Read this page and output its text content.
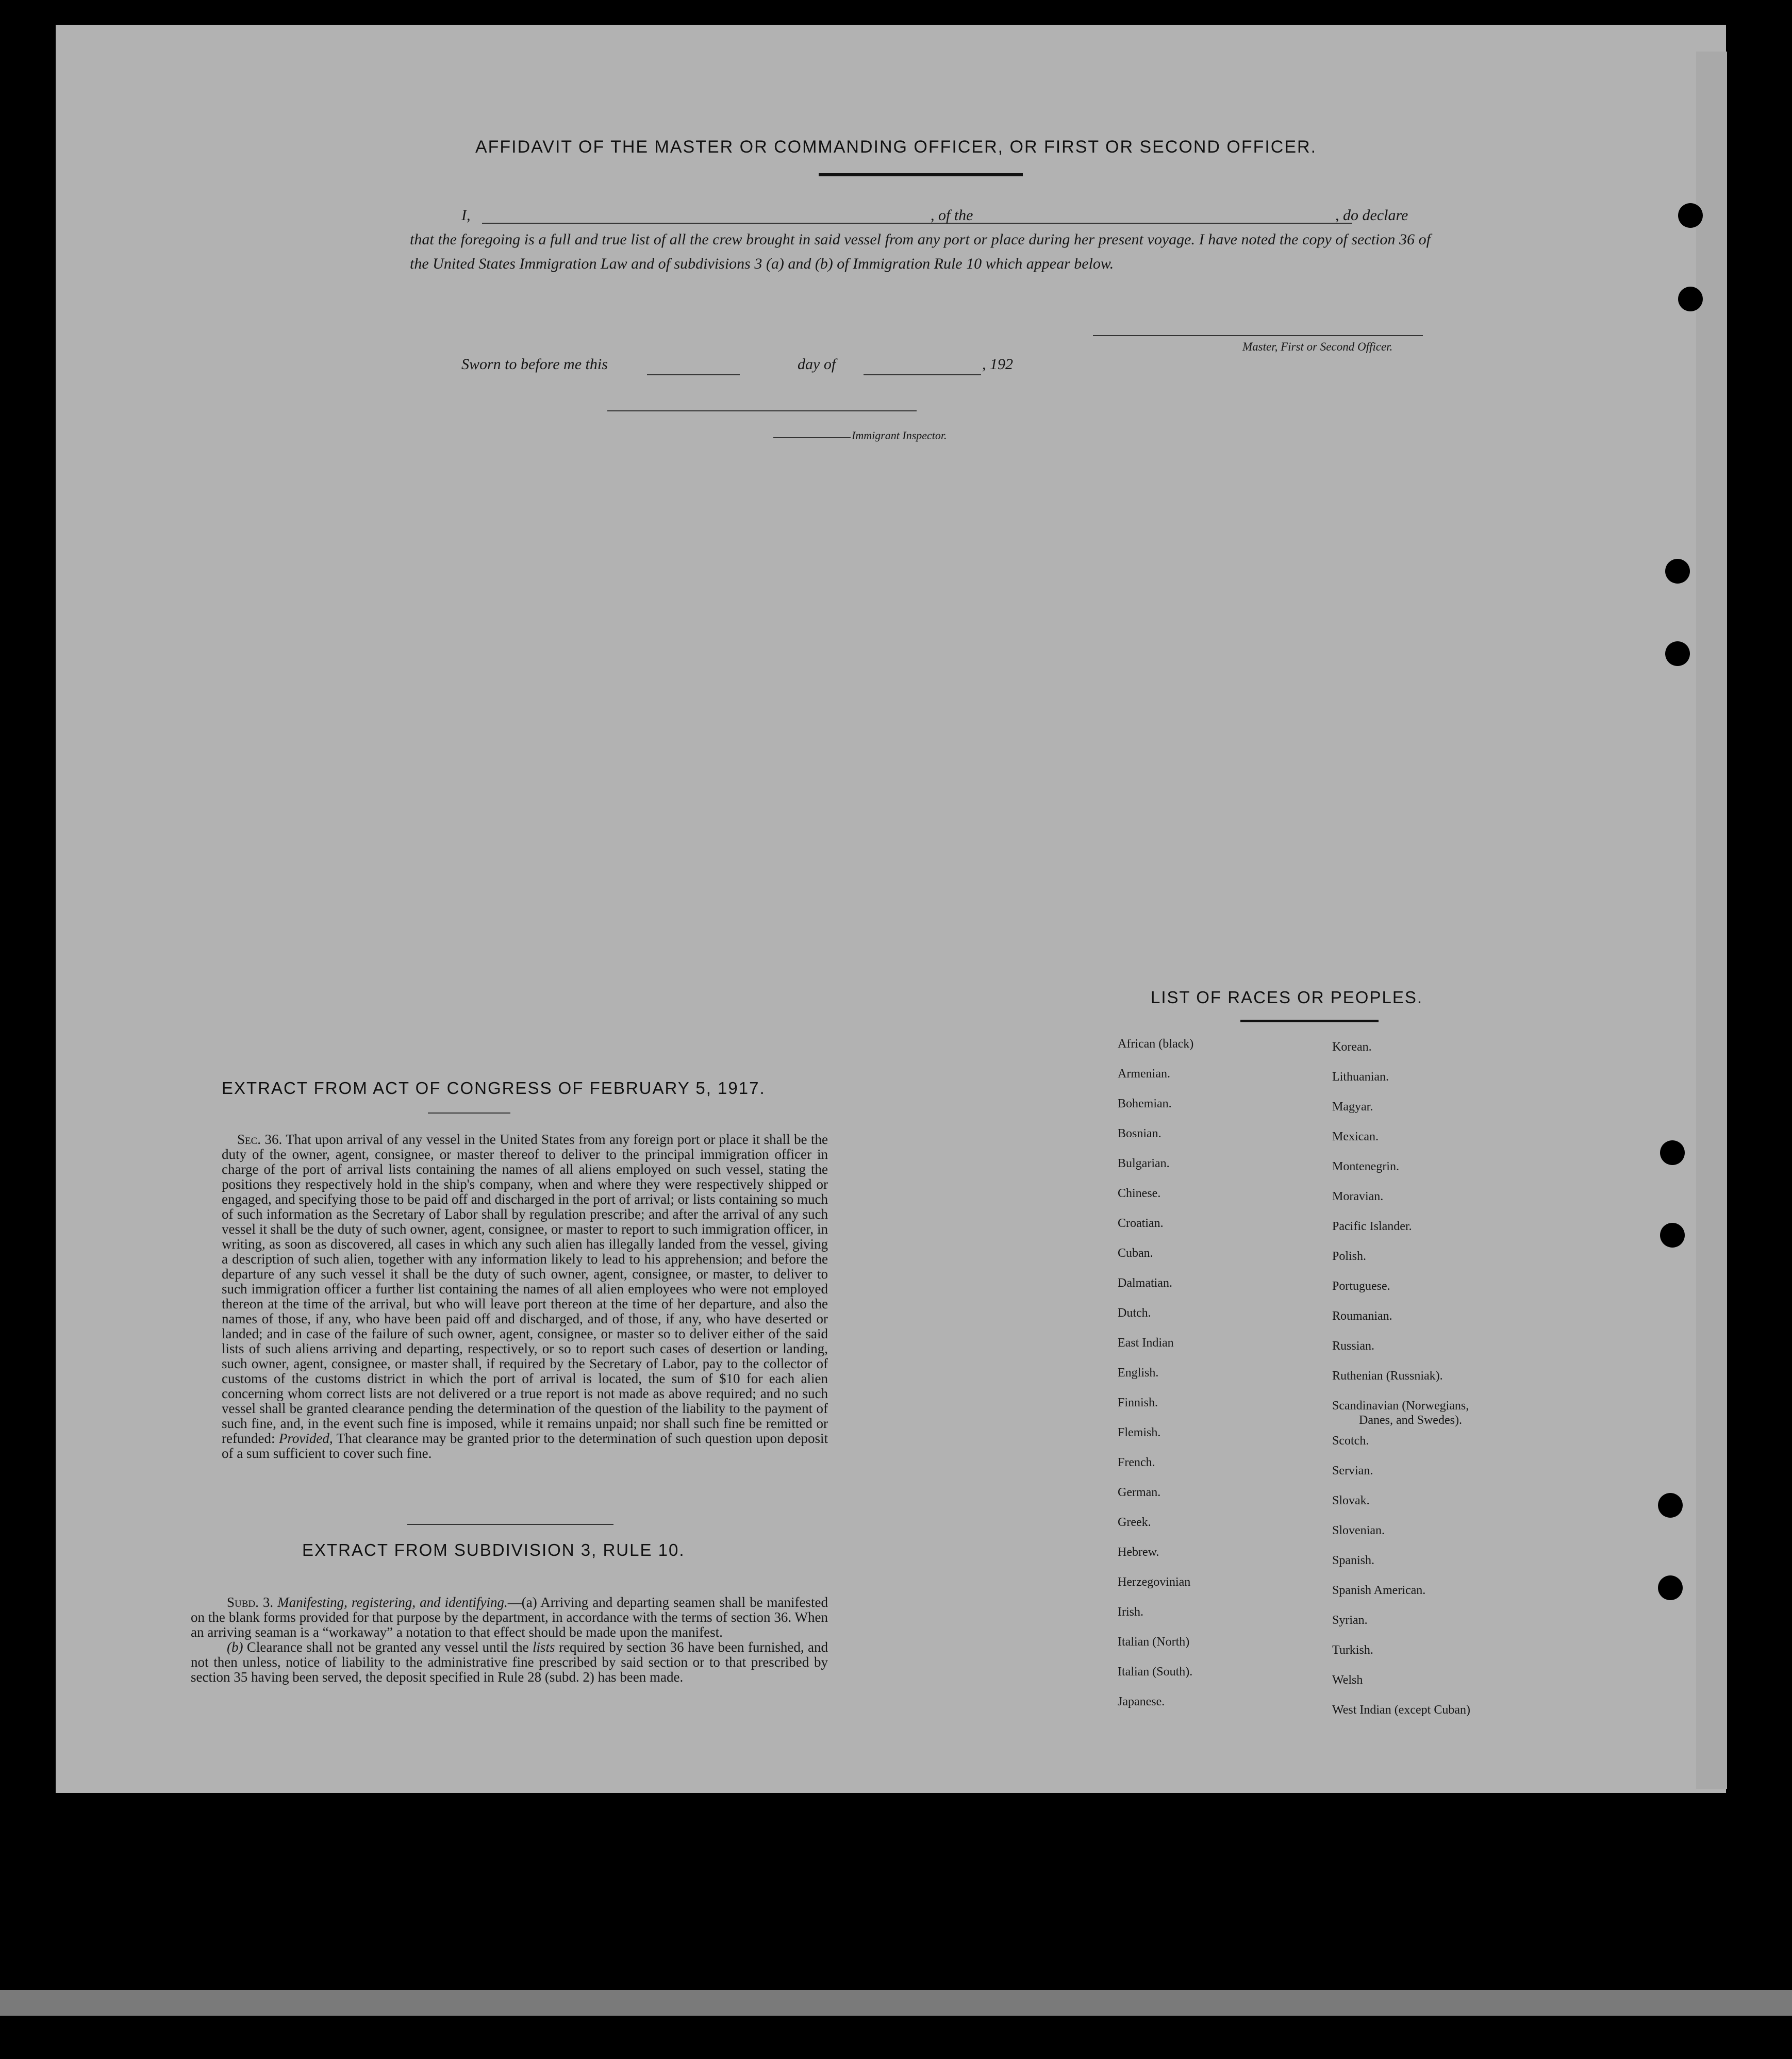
AFFIDAVIT OF THE MASTER OR COMMANDING OFFICER, OR FIRST OR SECOND OFFICER.
I,	, of the	, do declare
that the foregoing is a full and true list of all the crew brought in said vessel from any port or place during her present voyage. I have noted the copy of section 36 of the United States Immigration Law and of subdivisions 3 (a) and (b) of Immigration Rule 10 which appear below.
Master, First or Second Officer.
Sworn to before me this	day of	, 192
Immigrant Inspector.
EXTRACT FROM ACT OF CONGRESS OF FEBRUARY 5, 1917.
Sec. 36. That upon arrival of any vessel in the United States from any foreign port or place it shall be the duty of the owner, agent, consignee, or master thereof to deliver to the principal immigration officer in charge of the port of arrival lists containing the names of all aliens employed on such vessel, stating the positions they respectively hold in the ship's company, when and where they were respectively shipped or engaged, and specifying those to be paid off and discharged in the port of arrival; or lists containing so much of such information as the Secretary of Labor shall by regulation prescribe; and after the arrival of any such vessel it shall be the duty of such owner, agent, consignee, or master to report to such immigration officer, in writing, as soon as discovered, all cases in which any such alien has illegally landed from the vessel, giving a description of such alien, together with any information likely to lead to his apprehension; and before the departure of any such vessel it shall be the duty of such owner, agent, consignee, or master, to deliver to such immigration officer a further list containing the names of all alien employees who were not employed thereon at the time of the arrival, but who will leave port thereon at the time of her departure, and also the names of those, if any, who have been paid off and discharged, and of those, if any, who have deserted or landed; and in case of the failure of such owner, agent, consignee, or master so to deliver either of the said lists of such aliens arriving and departing, respectively, or so to report such cases of desertion or landing, such owner, agent, consignee, or master shall, if required by the Secretary of Labor, pay to the collector of customs of the customs district in which the port of arrival is located, the sum of $10 for each alien concerning whom correct lists are not delivered or a true report is not made as above required; and no such vessel shall be granted clearance pending the determination of the question of the liability to the payment of such fine, and, in the event such fine is imposed, while it remains unpaid; nor shall such fine be remitted or refunded: Provided, That clearance may be granted prior to the determination of such question upon deposit of a sum sufficient to cover such fine.
EXTRACT FROM SUBDIVISION 3, RULE 10.
Subd. 3. Manifesting, registering, and identifying.—(a) Arriving and departing seamen shall be manifested on the blank forms provided for that purpose by the department, in accordance with the terms of section 36. When an arriving seaman is a “workaway” a notation to that effect should be made upon the manifest.
(b) Clearance shall not be granted any vessel until the lists required by section 36 have been furnished, and not then unless, notice of liability to the administrative fine prescribed by said section or to that prescribed by section 35 having been served, the deposit specified in Rule 28 (subd. 2) has been made.
LIST OF RACES OR PEOPLES.
African (black)
Armenian.
Bohemian.
Bosnian.
Bulgarian.
Chinese.
Croatian.
Cuban.
Dalmatian.
Dutch.
East Indian
English.
Finnish.
Flemish.
French.
German.
Greek.
Hebrew.
Herzegovinian
Irish.
Italian (North)
Italian (South).
Japanese.
Korean.
Lithuanian.
Magyar.
Mexican.
Montenegrin.
Moravian.
Pacific Islander.
Polish.
Portuguese.
Roumanian.
Russian.
Ruthenian (Russniak).
Scandinavian (Norwegians,
Danes, and Swedes).
Scotch.
Servian.
Slovak.
Slovenian.
Spanish.
Spanish American.
Syrian.
Turkish.
Welsh
West Indian (except Cuban)
